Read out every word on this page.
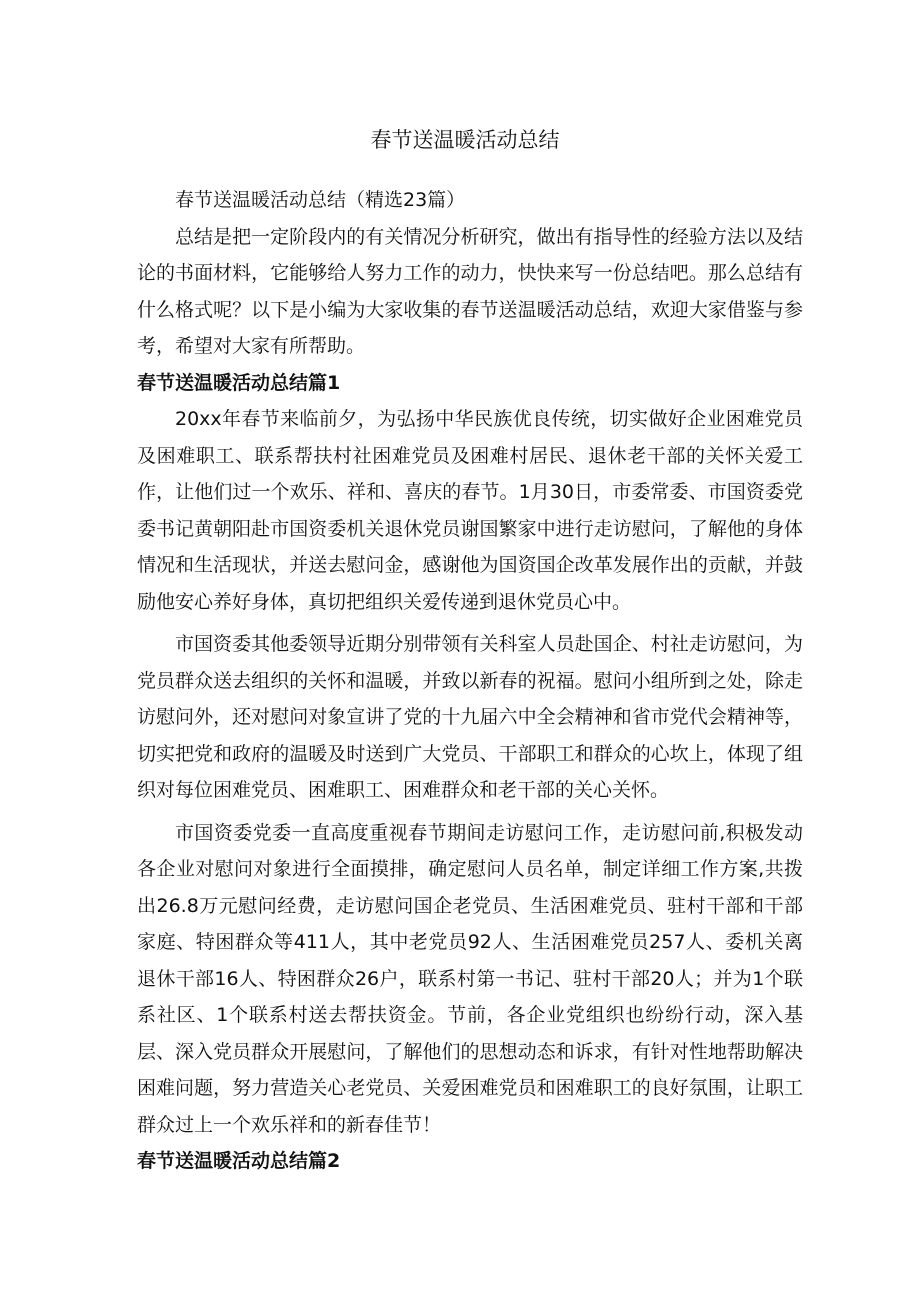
春节送温暖活动总结

春节送温暖活动总结（精选23篇）

总结是把一定阶段内的有关情况分析研究，做出有指导性的经验方法以及结论的书面材料，它能够给人努力工作的动力，快快来写一份总结吧。那么总结有什么格式呢？以下是小编为大家收集的春节送温暖活动总结，欢迎大家借鉴与参考，希望对大家有所帮助。

春节送温暖活动总结篇1

20xx年春节来临前夕，为弘扬中华民族优良传统，切实做好企业困难党员及困难职工、联系帮扶村社困难党员及困难村居民、退休老干部的关怀关爱工作，让他们过一个欢乐、祥和、喜庆的春节。1月30日，市委常委、市国资委党委书记黄朝阳赴市国资委机关退休党员谢国繁家中进行走访慰问，了解他的身体情况和生活现状，并送去慰问金，感谢他为国资国企改革发展作出的贡献，并鼓励他安心养好身体，真切把组织关爱传递到退休党员心中。

市国资委其他委领导近期分别带领有关科室人员赴国企、村社走访慰问，为党员群众送去组织的关怀和温暖，并致以新春的祝福。慰问小组所到之处，除走访慰问外，还对慰问对象宣讲了党的十九届六中全会精神和省市党代会精神等，切实把党和政府的温暖及时送到广大党员、干部职工和群众的心坎上，体现了组织对每位困难党员、困难职工、困难群众和老干部的关心关怀。

市国资委党委一直高度重视春节期间走访慰问工作，走访慰问前,积极发动各企业对慰问对象进行全面摸排，确定慰问人员名单，制定详细工作方案,共拨出26.8万元慰问经费，走访慰问国企老党员、生活困难党员、驻村干部和干部家庭、特困群众等411人，其中老党员92人、生活困难党员257人、委机关离退休干部16人、特困群众26户，联系村第一书记、驻村干部20人；并为1个联系社区、1个联系村送去帮扶资金。节前，各企业党组织也纷纷行动，深入基层、深入党员群众开展慰问，了解他们的思想动态和诉求，有针对性地帮助解决困难问题，努力营造关心老党员、关爱困难党员和困难职工的良好氛围，让职工群众过上一个欢乐祥和的新春佳节！

春节送温暖活动总结篇2
